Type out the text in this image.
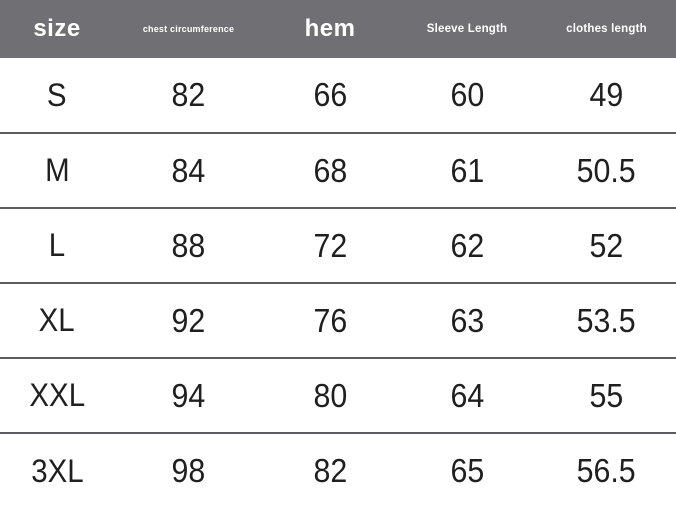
size	chest circumference	hem	Sleeve Length	clothes length
S	82	66	60	49
M	84	68	61	50.5
L	88	72	62	52
XL	92	76	63	53.5
XXL	94	80	64	55
3XL	98	82	65	56.5
